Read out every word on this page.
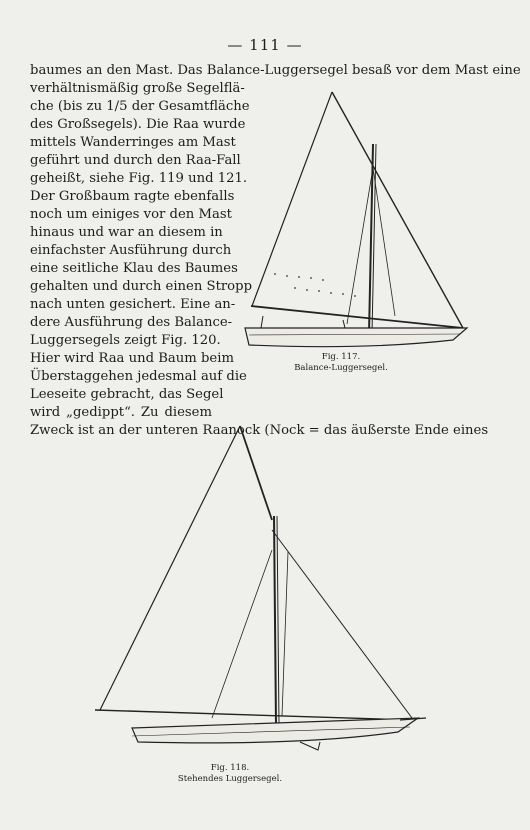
— 111 —
baumes an den Mast. Das Balance-Luggersegel besaß vor dem Mast eine
verhältnismäßig große Segelflä-
che (bis zu 1/5 der Gesamtfläche
des Großsegels). Die Raa wurde
mittels Wanderringes am Mast
geführt und durch den Raa-Fall
geheißt, siehe Fig. 119 und 121.
Der Großbaum ragte ebenfalls
noch um einiges vor den Mast
hinaus und war an diesem in
einfachster Ausführung durch
eine seitliche Klau des Baumes
gehalten und durch einen Stropp
nach unten gesichert. Eine an-
dere Ausführung des Balance-
Luggersegels zeigt Fig. 120.
Hier wird Raa und Baum beim
Überstaggehen jedesmal auf die
Leeseite gebracht, das Segel
wird „gedippt“. Zu diesem
Zweck ist an der unteren Raanock (Nock = das äußerste Ende eines
Fig. 117.
Balance-Luggersegel.
Fig. 118.
Stehendes Luggersegel.
